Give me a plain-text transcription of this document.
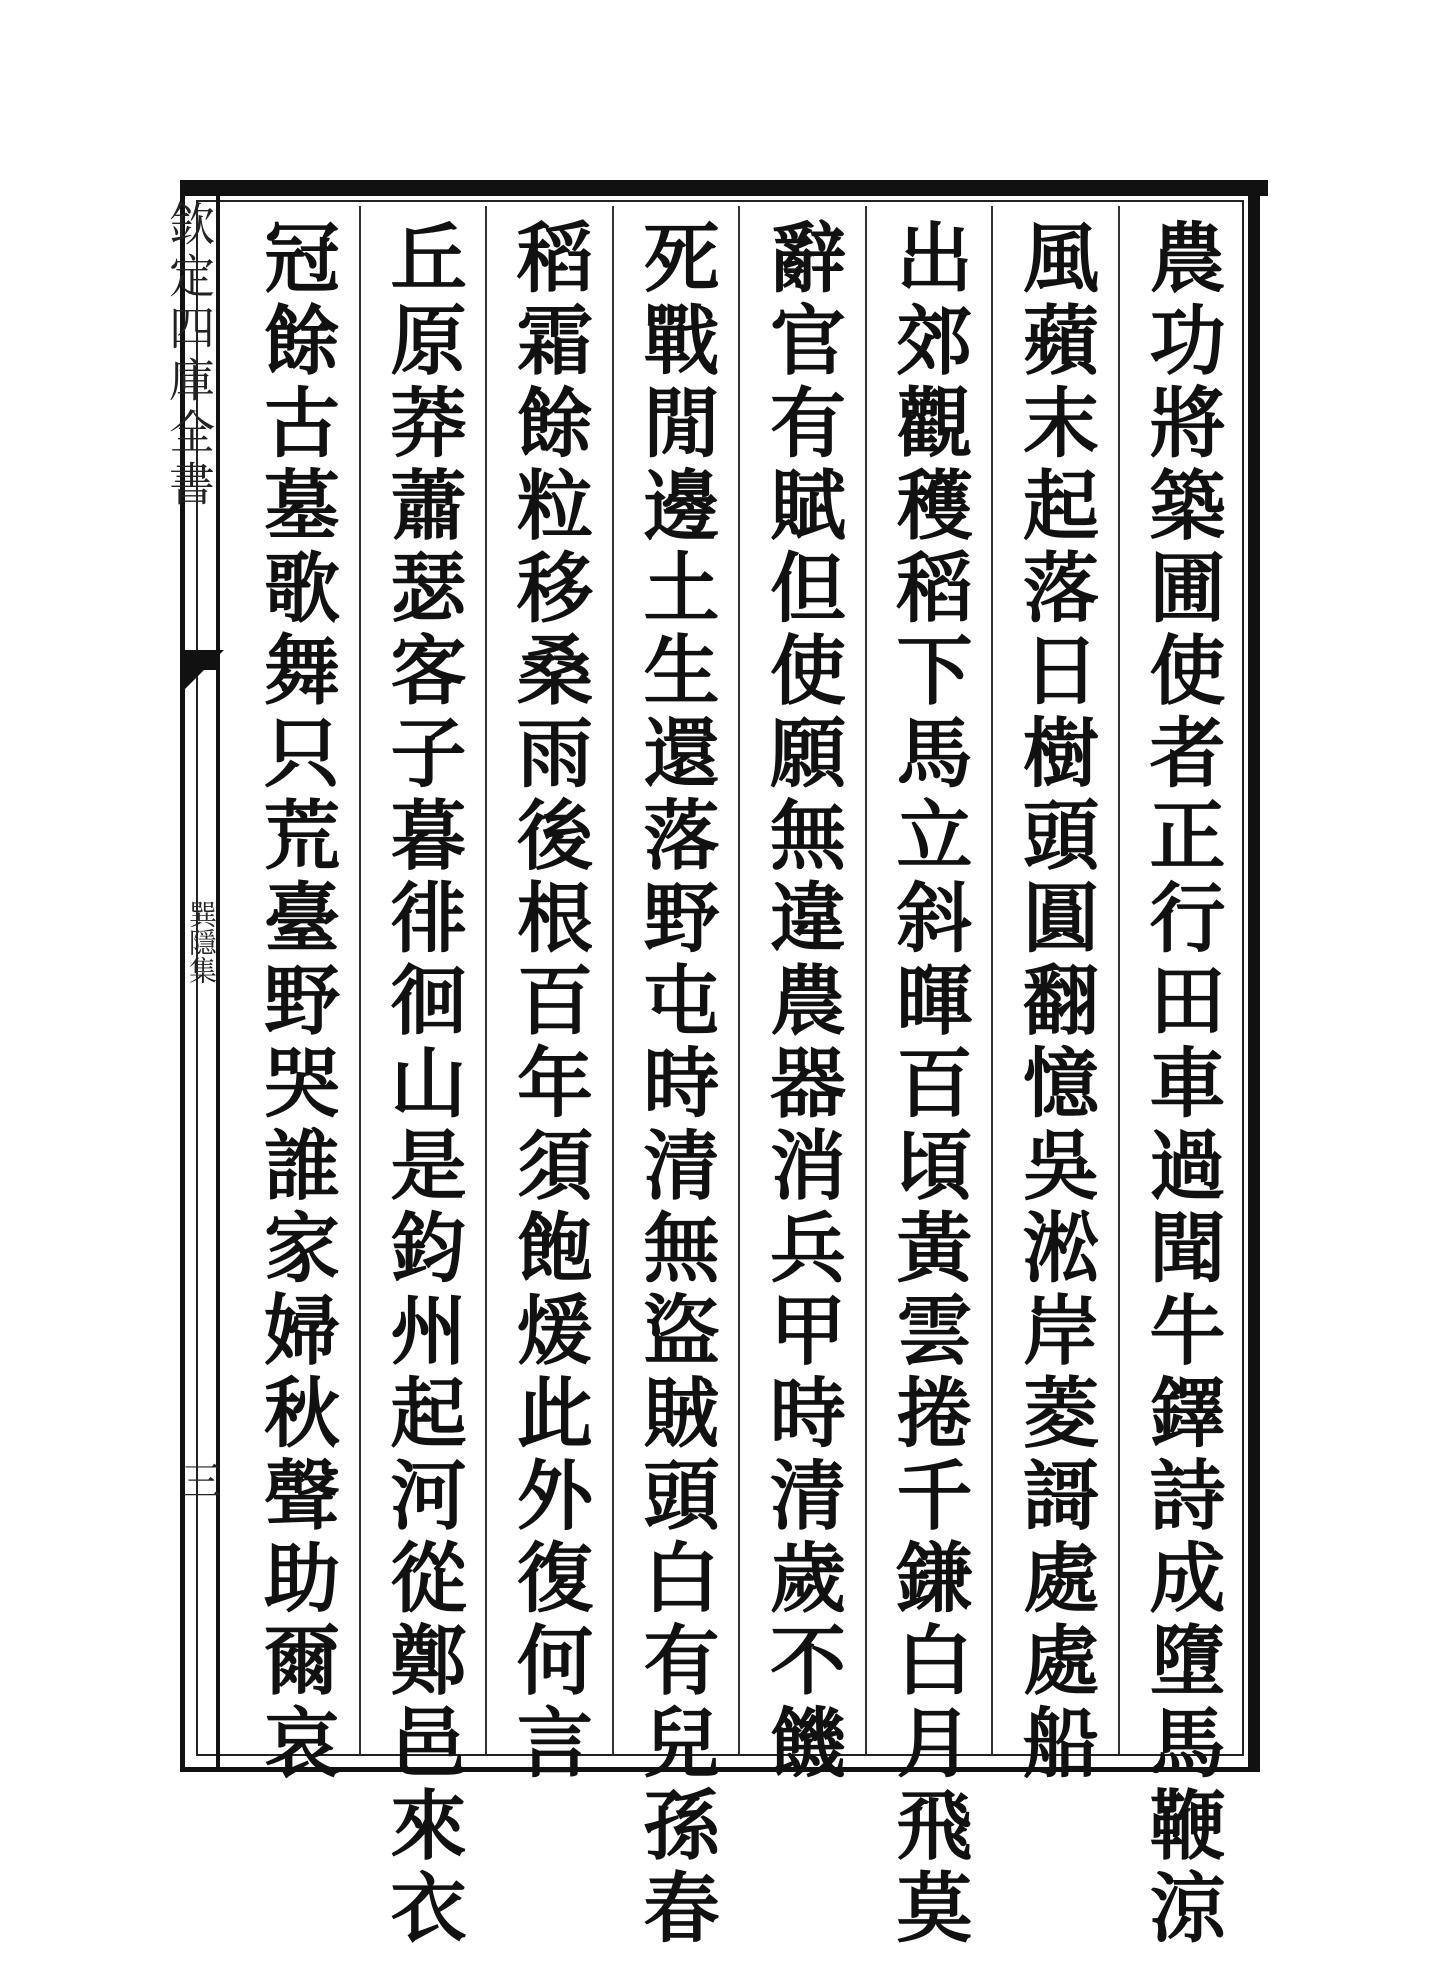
欽定四庫全書
巽隱集
三	農功將築圃使者正行田車過聞牛鐸詩成墮馬鞭涼
風蘋末起落日樹頭圓翻憶吳淞岸菱謌處處船
出郊觀穫稻下馬立斜暉百頃黃雲捲千鎌白月飛莫
辭官有賦但使願無違農器消兵甲時清歲不饑
死戰閒邊土生還落野屯時清無盜賊頭白有兒孫春
稻霜餘粒移桑雨後根百年須飽煖此外復何言
丘原莽蕭瑟客子暮徘徊山是鈞州起河從鄭邑來衣
冠餘古墓歌舞只荒臺野哭誰家婦秋聲助爾哀
